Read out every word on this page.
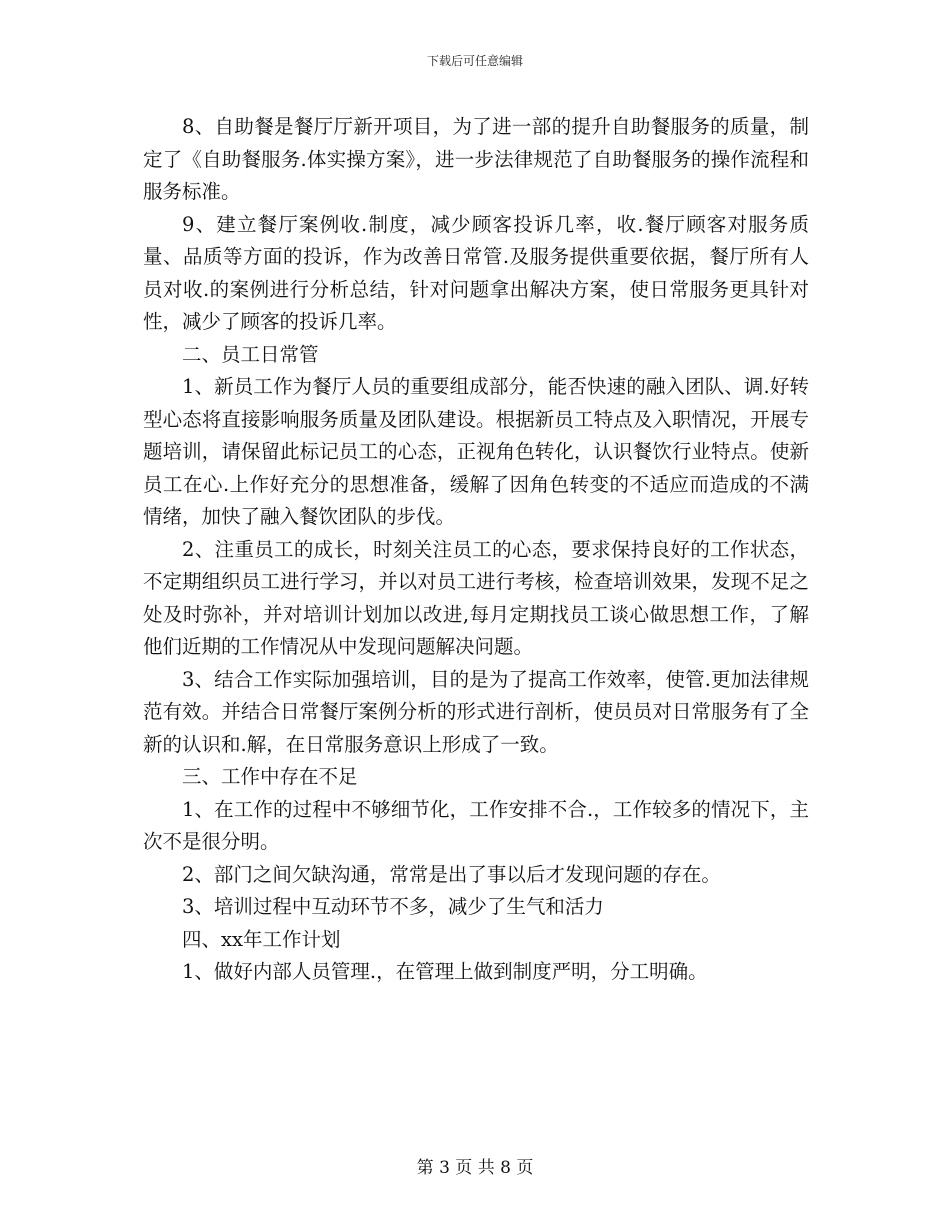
下载后可任意编辑

8、自助餐是餐厅厅新开项目，为了进一部的提升自助餐服务的质量，制定了《自助餐服务.体实操方案》，进一步法律规范了自助餐服务的操作流程和服务标准。

9、建立餐厅案例收.制度，减少顾客投诉几率，收.餐厅顾客对服务质量、品质等方面的投诉，作为改善日常管.及服务提供重要依据，餐厅所有人员对收.的案例进行分析总结，针对问题拿出解决方案，使日常服务更具针对性，减少了顾客的投诉几率。

二、员工日常管

1、新员工作为餐厅人员的重要组成部分，能否快速的融入团队、调.好转型心态将直接影响服务质量及团队建设。根据新员工特点及入职情况，开展专题培训，请保留此标记员工的心态，正视角色转化，认识餐饮行业特点。使新员工在心.上作好充分的思想准备，缓解了因角色转变的不适应而造成的不满情绪，加快了融入餐饮团队的步伐。

2、注重员工的成长，时刻关注员工的心态，要求保持良好的工作状态，不定期组织员工进行学习，并以对员工进行考核，检查培训效果，发现不足之处及时弥补，并对培训计划加以改进,每月定期找员工谈心做思想工作，了解他们近期的工作情况从中发现问题解决问题。

3、结合工作实际加强培训，目的是为了提高工作效率，使管.更加法律规范有效。并结合日常餐厅案例分析的形式进行剖析，使员员对日常服务有了全新的认识和.解，在日常服务意识上形成了一致。

三、工作中存在不足

1、在工作的过程中不够细节化，工作安排不合.，工作较多的情况下，主次不是很分明。

2、部门之间欠缺沟通，常常是出了事以后才发现问题的存在。

3、培训过程中互动环节不多，减少了生气和活力

四、xx年工作计划

1、做好内部人员管理.，在管理上做到制度严明，分工明确。

第 3 页 共 8 页
